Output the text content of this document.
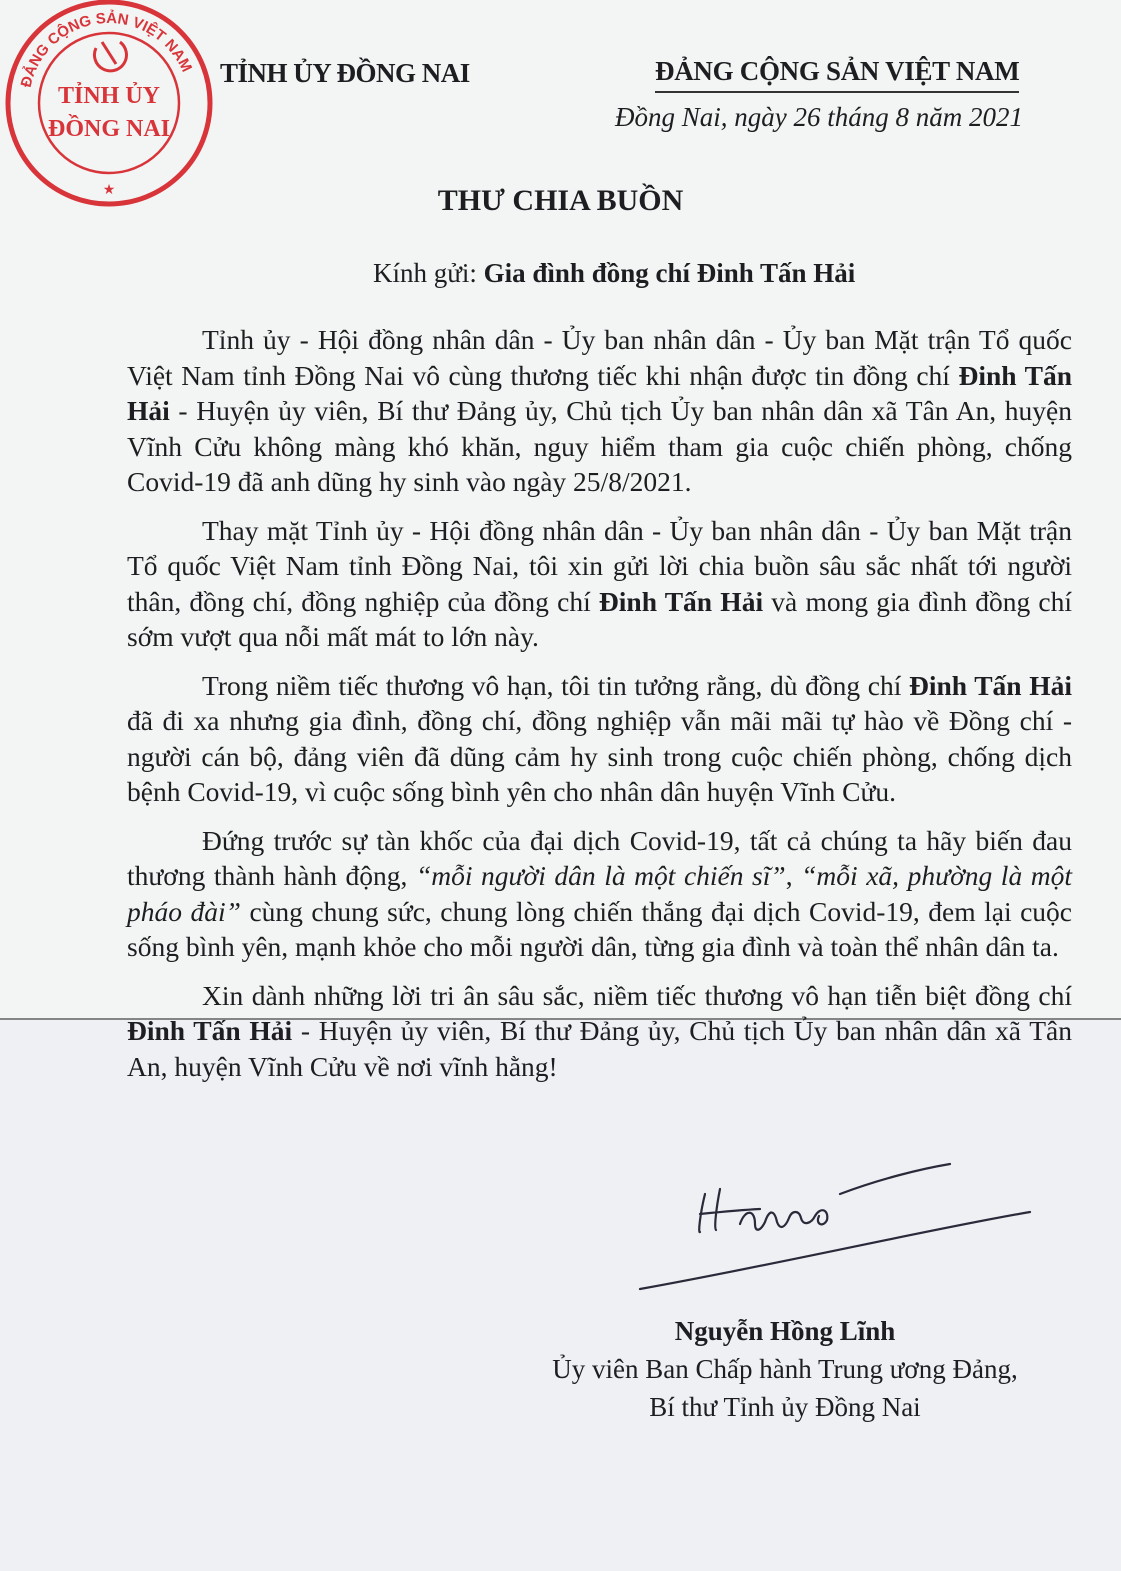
ĐẢNG CỘNG SẢN VIỆT NAM
TỈNH ỦY
ĐỒNG NAI
★
TỈNH ỦY ĐỒNG NAI	ĐẢNG CỘNG SẢN VIỆT NAM
Đồng Nai, ngày 26 tháng 8 năm 2021
THƯ CHIA BUỒN
Kính gửi: Gia đình đồng chí Đinh Tấn Hải

Tỉnh ủy - Hội đồng nhân dân - Ủy ban nhân dân - Ủy ban Mặt trận Tổ quốc Việt Nam tỉnh Đồng Nai vô cùng thương tiếc khi nhận được tin đồng chí Đinh Tấn Hải - Huyện ủy viên, Bí thư Đảng ủy, Chủ tịch Ủy ban nhân dân xã Tân An, huyện Vĩnh Cửu không màng khó khăn, nguy hiểm tham gia cuộc chiến phòng, chống Covid-19 đã anh dũng hy sinh vào ngày 25/8/2021.

Thay mặt Tỉnh ủy - Hội đồng nhân dân - Ủy ban nhân dân - Ủy ban Mặt trận Tổ quốc Việt Nam tỉnh Đồng Nai, tôi xin gửi lời chia buồn sâu sắc nhất tới người thân, đồng chí, đồng nghiệp của đồng chí Đinh Tấn Hải và mong gia đình đồng chí sớm vượt qua nỗi mất mát to lớn này.

Trong niềm tiếc thương vô hạn, tôi tin tưởng rằng, dù đồng chí Đinh Tấn Hải đã đi xa nhưng gia đình, đồng chí, đồng nghiệp vẫn mãi mãi tự hào về Đồng chí - người cán bộ, đảng viên đã dũng cảm hy sinh trong cuộc chiến phòng, chống dịch bệnh Covid-19, vì cuộc sống bình yên cho nhân dân huyện Vĩnh Cửu.

Đứng trước sự tàn khốc của đại dịch Covid-19, tất cả chúng ta hãy biến đau thương thành hành động, “mỗi người dân là một chiến sĩ”, “mỗi xã, phường là một pháo đài” cùng chung sức, chung lòng chiến thắng đại dịch Covid-19, đem lại cuộc sống bình yên, mạnh khỏe cho mỗi người dân, từng gia đình và toàn thể nhân dân ta.

Xin dành những lời tri ân sâu sắc, niềm tiếc thương vô hạn tiễn biệt đồng chí Đinh Tấn Hải - Huyện ủy viên, Bí thư Đảng ủy, Chủ tịch Ủy ban nhân dân xã Tân An, huyện Vĩnh Cửu về nơi vĩnh hằng!

Nguyễn Hồng Lĩnh
Ủy viên Ban Chấp hành Trung ương Đảng,
Bí thư Tỉnh ủy Đồng Nai
